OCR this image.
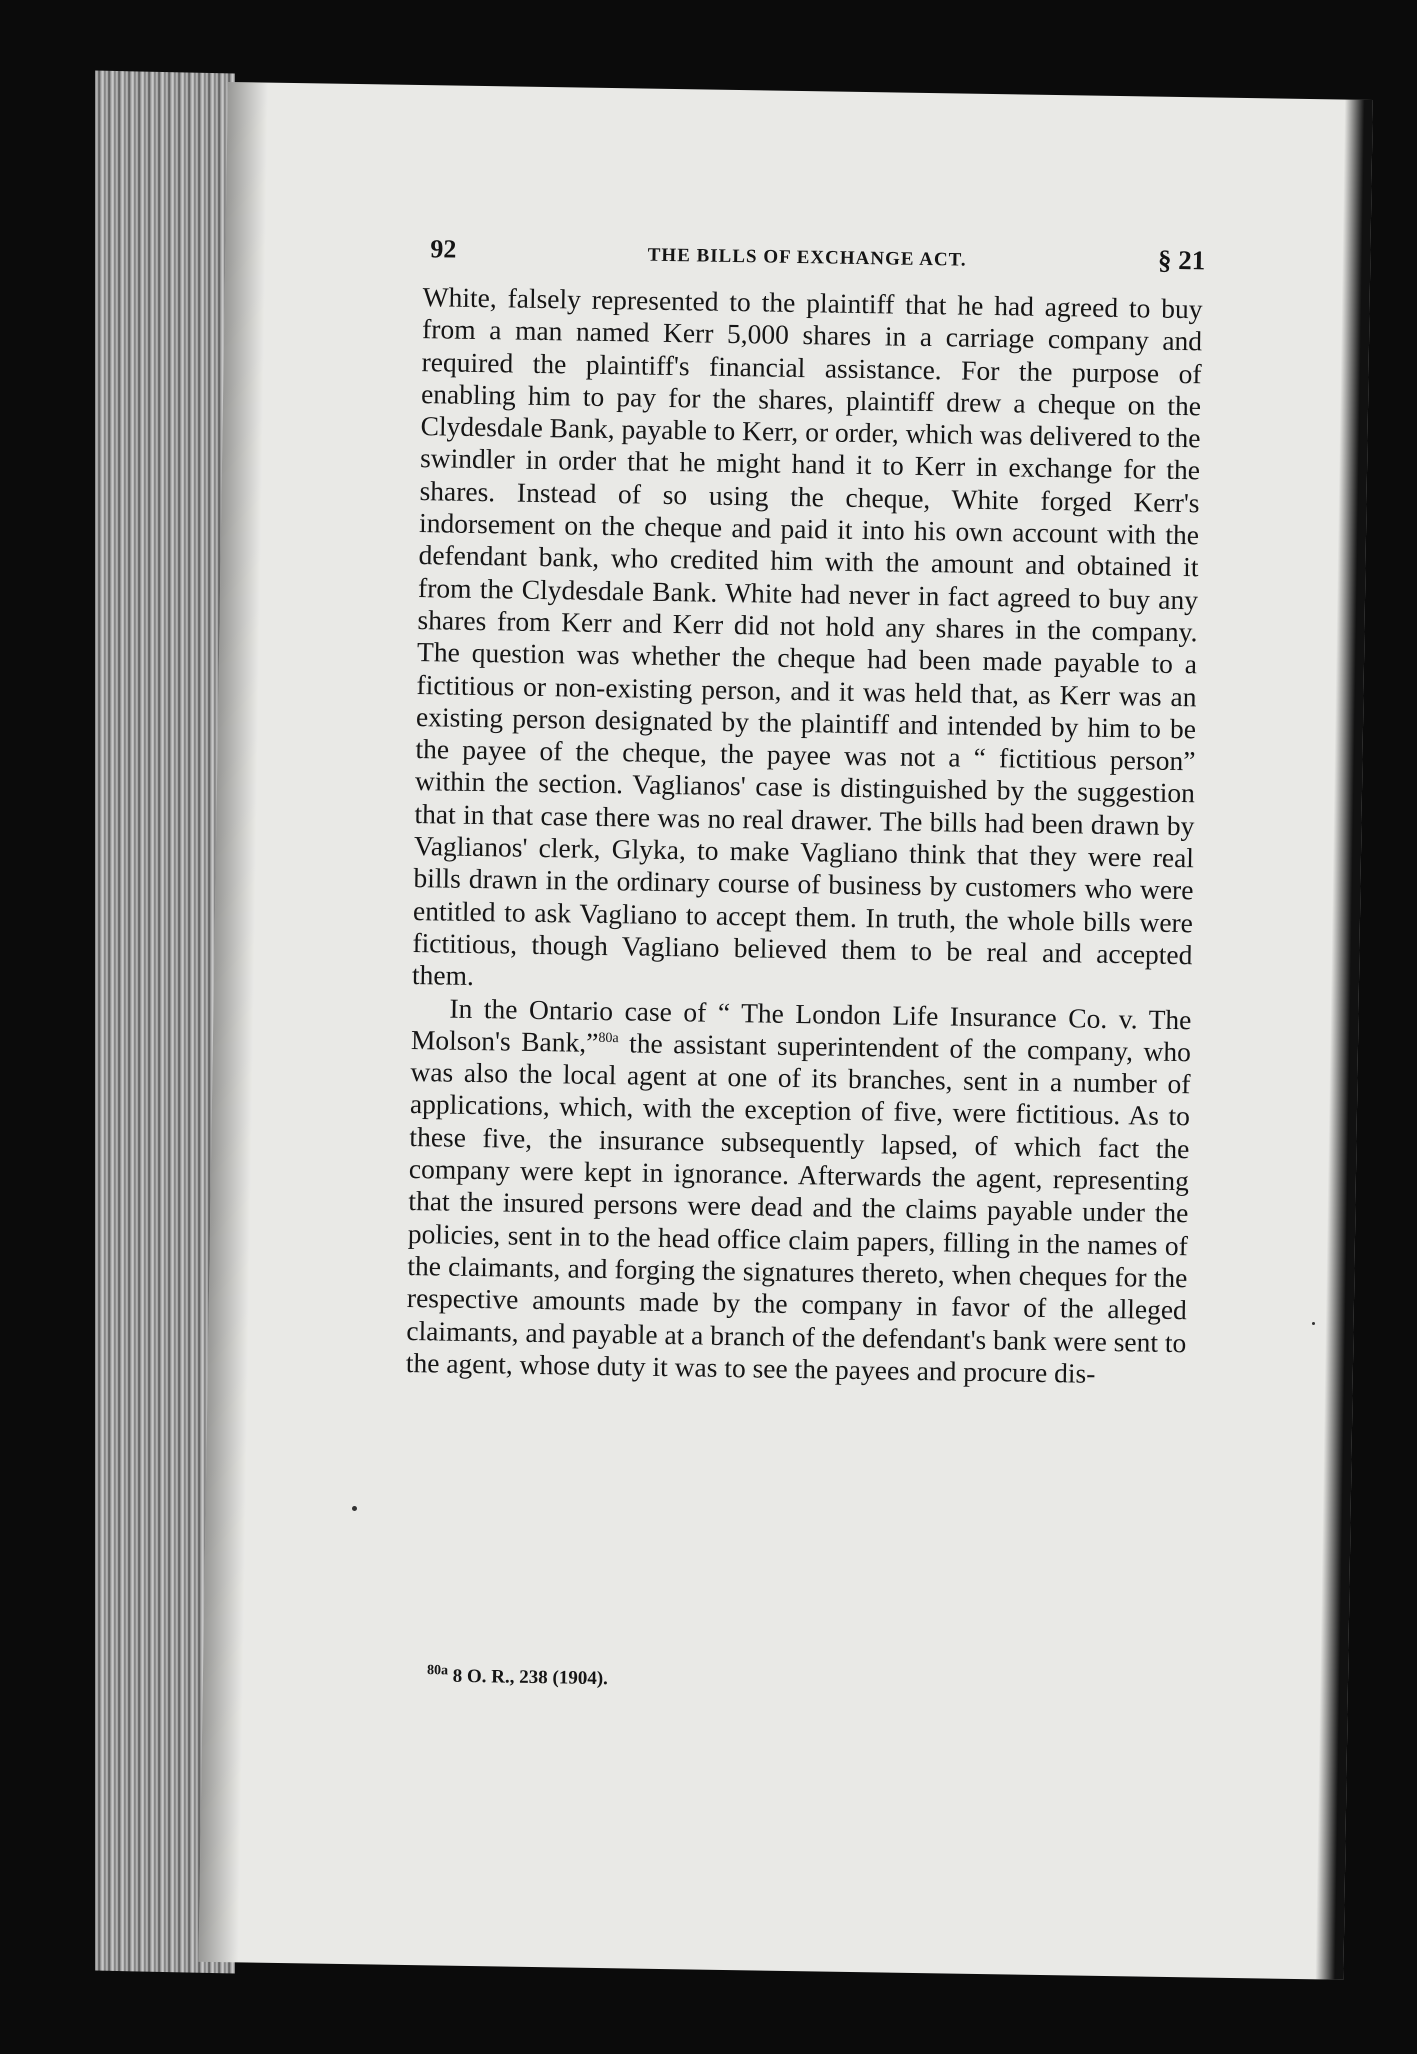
92	THE BILLS OF EXCHANGE ACT.	§ 21

White, falsely represented to the plaintiff that he had agreed to buy from a man named Kerr 5,000 shares in a carriage company and required the plaintiff's financial assistance. For the purpose of enabling him to pay for the shares, plaintiff drew a cheque on the Clydesdale Bank, payable to Kerr, or order, which was delivered to the swindler in order that he might hand it to Kerr in exchange for the shares. Instead of so using the cheque, White forged Kerr's indorsement on the cheque and paid it into his own account with the defendant bank, who credited him with the amount and obtained it from the Clydesdale Bank. White had never in fact agreed to buy any shares from Kerr and Kerr did not hold any shares in the company. The question was whether the cheque had been made payable to a fictitious or non-existing person, and it was held that, as Kerr was an existing person designated by the plaintiff and intended by him to be the payee of the cheque, the payee was not a “ fictitious person” within the section. Vaglianos' case is distinguished by the suggestion that in that case there was no real drawer. The bills had been drawn by Vaglianos' clerk, Glyka, to make Vagliano think that they were real bills drawn in the ordinary course of business by customers who were entitled to ask Vagliano to accept them. In truth, the whole bills were fictitious, though Vagliano believed them to be real and accepted them.

In the Ontario case of “ The London Life Insurance Co. v. The Molson's Bank,”$^{80a}$ the assistant superintendent of the company, who was also the local agent at one of its branches, sent in a number of applications, which, with the exception of five, were fictitious. As to these five, the insurance subsequently lapsed, of which fact the company were kept in ignorance. Afterwards the agent, representing that the insured persons were dead and the claims payable under the policies, sent in to the head office claim papers, filling in the names of the claimants, and forging the signatures thereto, when cheques for the respective amounts made by the company in favor of the alleged claimants, and payable at a branch of the defendant's bank were sent to the agent, whose duty it was to see the payees and procure dis-

$^{80a}$ 8 O. R., 238 (1904).
